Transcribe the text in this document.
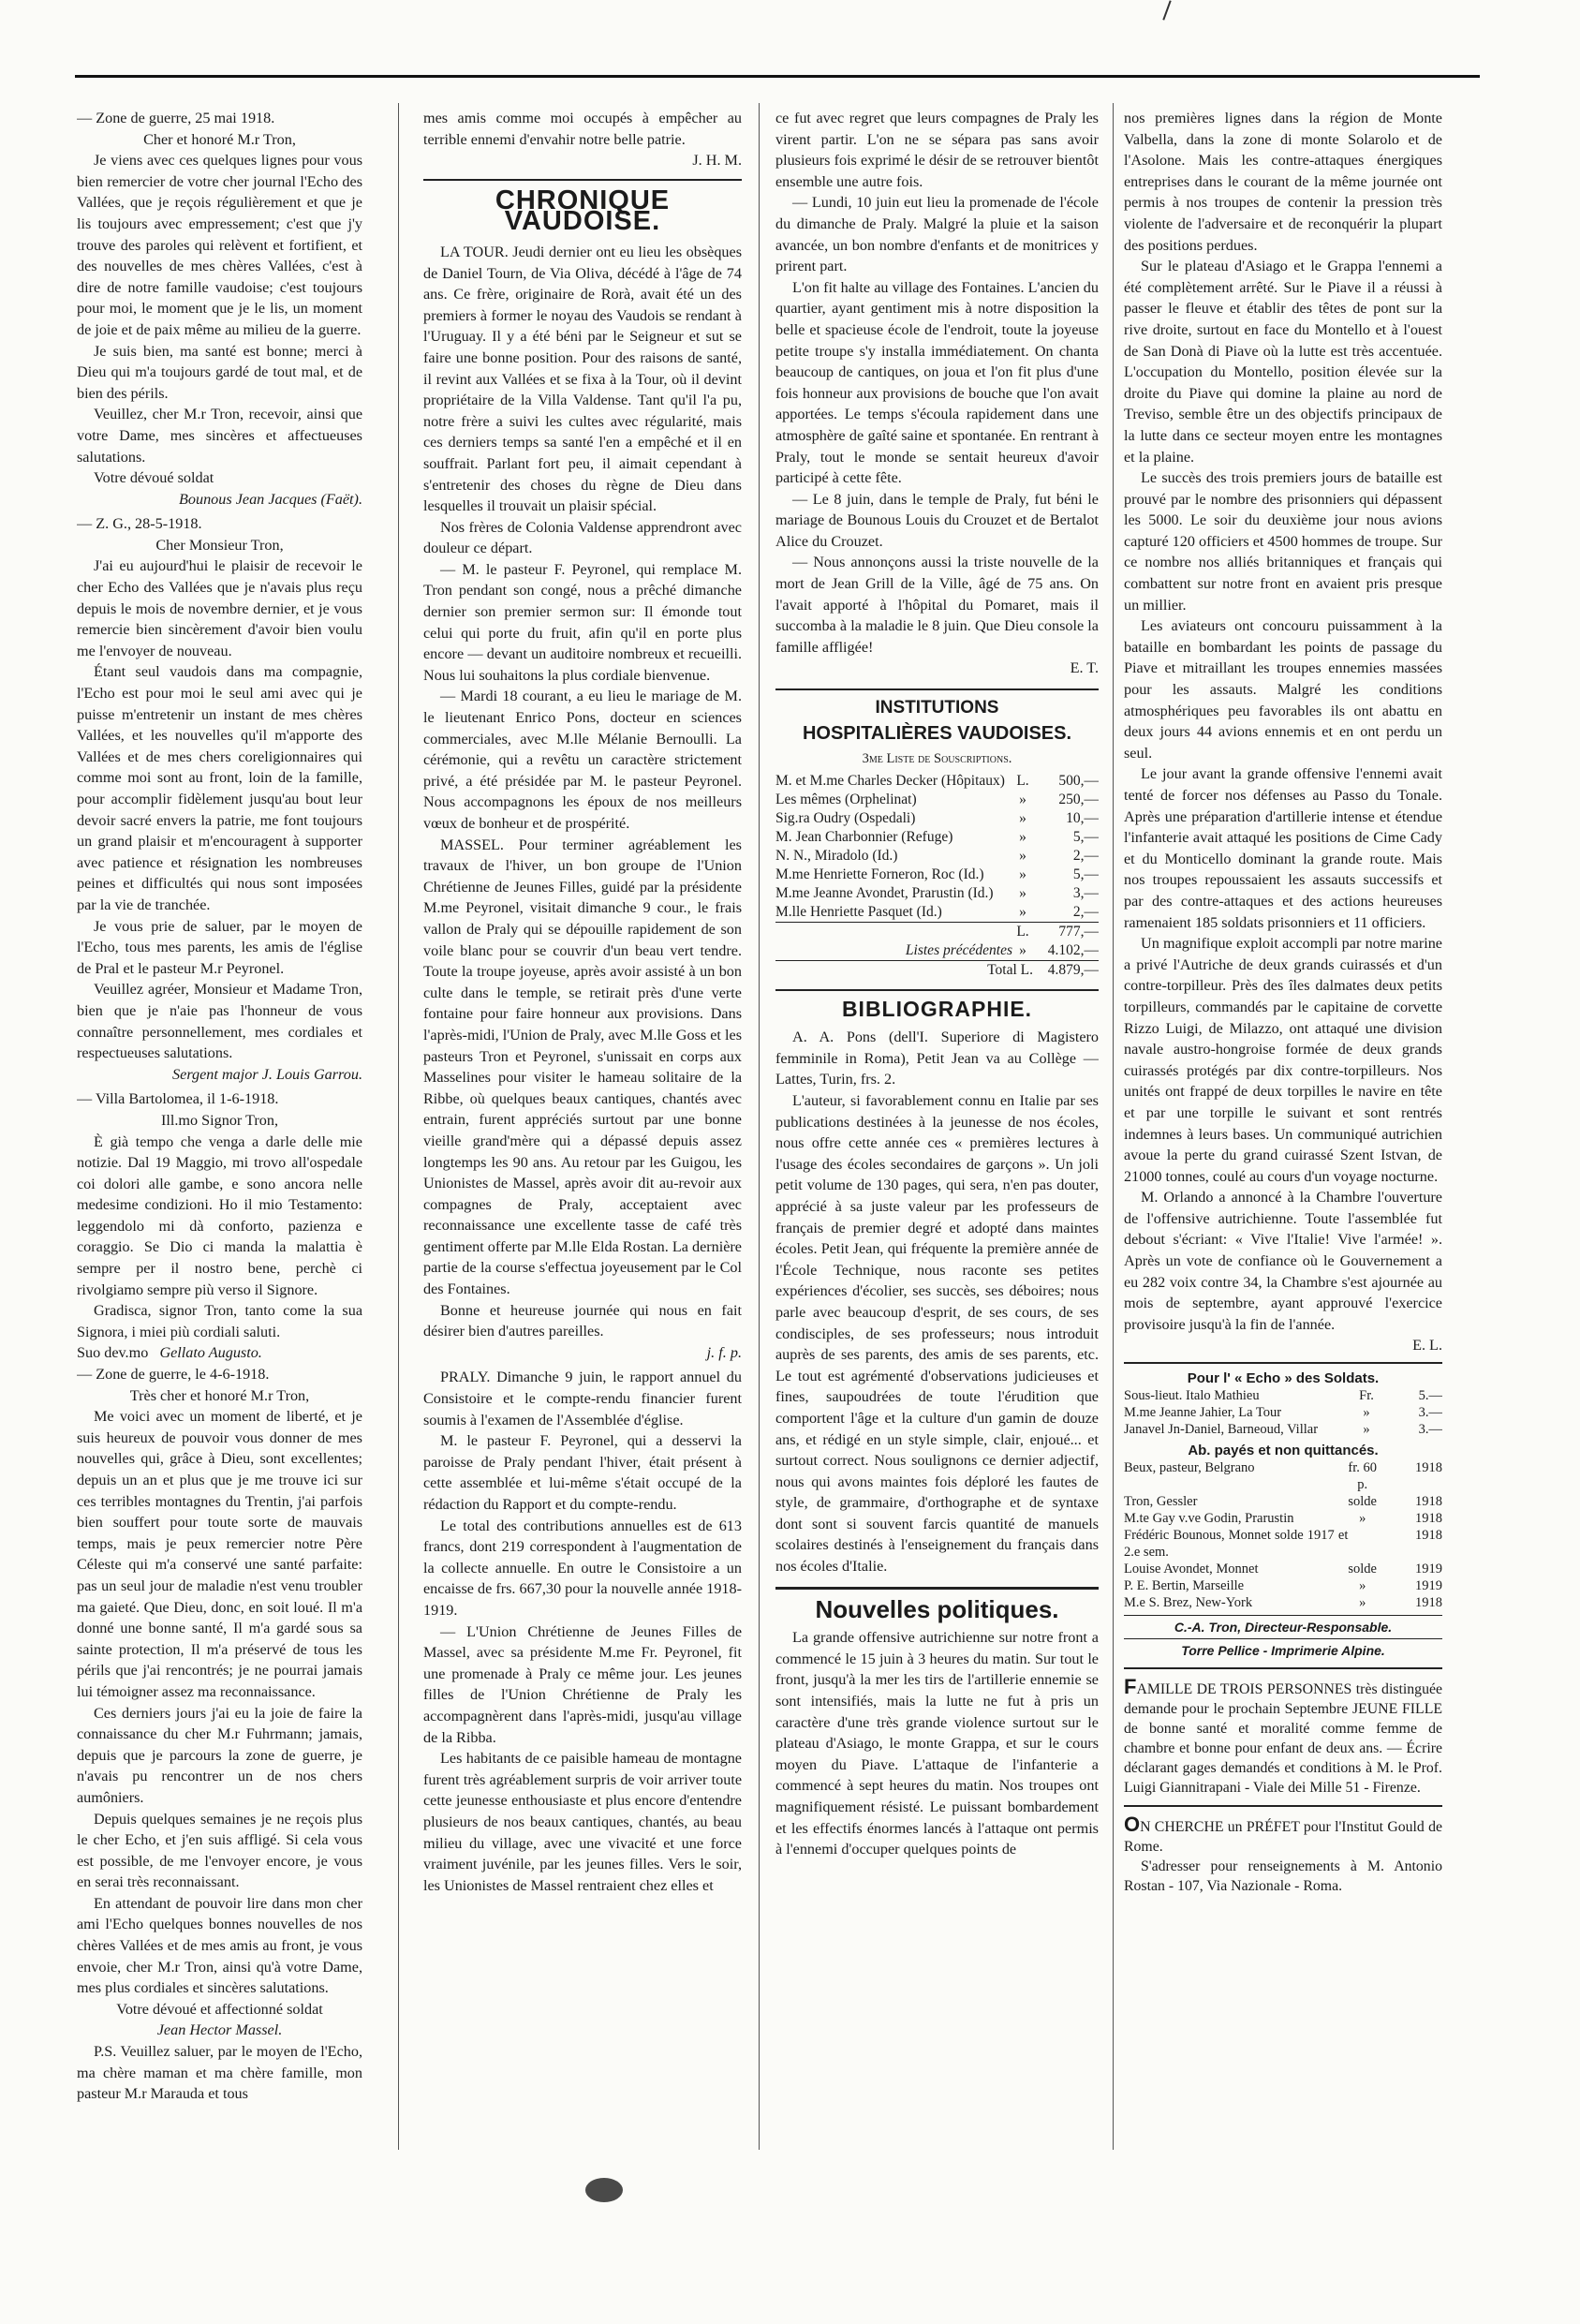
— Zone de guerre, 25 mai 1918.

Cher et honoré M.r Tron,

Je viens avec ces quelques lignes pour vous bien remercier de votre cher journal l'Echo des Vallées, que je reçois régulièrement et que je lis toujours avec empressement; c'est que j'y trouve des paroles qui relèvent et fortifient, et des nouvelles de mes chères Vallées, c'est à dire de notre famille vaudoise; c'est toujours pour moi, le moment que je le lis, un moment de joie et de paix même au milieu de la guerre.

Je suis bien, ma santé est bonne; merci à Dieu qui m'a toujours gardé de tout mal, et de bien des périls.

Veuillez, cher M.r Tron, recevoir, ainsi que votre Dame, mes sincères et affectueuses salutations.

Votre dévoué soldat

Bounous Jean Jacques (Faët).

— Z. G., 28-5-1918.

Cher Monsieur Tron,

J'ai eu aujourd'hui le plaisir de recevoir le cher Echo des Vallées que je n'avais plus reçu depuis le mois de novembre dernier, et je vous remercie bien sincèrement d'avoir bien voulu me l'envoyer de nouveau.

Étant seul vaudois dans ma compagnie, l'Echo est pour moi le seul ami avec qui je puisse m'entretenir un instant de mes chères Vallées, et les nouvelles qu'il m'apporte des Vallées et de mes chers coreligionnaires qui comme moi sont au front, loin de la famille, pour accomplir fidèlement jusqu'au bout leur devoir sacré envers la patrie, me font toujours un grand plaisir et m'encouragent à supporter avec patience et résignation les nombreuses peines et difficultés qui nous sont imposées par la vie de tranchée.

Je vous prie de saluer, par le moyen de l'Echo, tous mes parents, les amis de l'église de Pral et le pasteur M.r Peyronel.

Veuillez agréer, Monsieur et Madame Tron, bien que je n'aie pas l'honneur de vous connaître personnellement, mes cordiales et respectueuses salutations.

Sergent major J. Louis Garrou.

— Villa Bartolomea, il 1-6-1918.

Ill.mo Signor Tron,

È già tempo che venga a darle delle mie notizie. Dal 19 Maggio, mi trovo all'ospedale coi dolori alle gambe, e sono ancora nelle medesime condizioni. Ho il mio Testamento: leggendolo mi dà conforto, pazienza e coraggio. Se Dio ci manda la malattia è sempre per il nostro bene, perchè ci rivolgiamo sempre più verso il Signore.

Gradisca, signor Tron, tanto come la sua Signora, i miei più cordiali saluti.

Suo dev.mo Gellato Augusto.

— Zone de guerre, le 4-6-1918.

Très cher et honoré M.r Tron,

Me voici avec un moment de liberté, et je suis heureux de pouvoir vous donner de mes nouvelles qui, grâce à Dieu, sont excellentes; depuis un an et plus que je me trouve ici sur ces terribles montagnes du Trentin, j'ai parfois bien souffert pour toute sorte de mauvais temps, mais je peux remercier notre Père Céleste qui m'a conservé une santé parfaite: pas un seul jour de maladie n'est venu troubler ma gaieté. Que Dieu, donc, en soit loué. Il m'a donné une bonne santé, Il m'a gardé sous sa sainte protection, Il m'a préservé de tous les périls que j'ai rencontrés; je ne pourrai jamais lui témoigner assez ma reconnaissance.

Ces derniers jours j'ai eu la joie de faire la connaissance du cher M.r Fuhrmann; jamais, depuis que je parcours la zone de guerre, je n'avais pu rencontrer un de nos chers aumôniers.

Depuis quelques semaines je ne reçois plus le cher Echo, et j'en suis affligé. Si cela vous est possible, de me l'envoyer encore, je vous en serai très reconnaissant.

En attendant de pouvoir lire dans mon cher ami l'Echo quelques bonnes nouvelles de nos chères Vallées et de mes amis au front, je vous envoie, cher M.r Tron, ainsi qu'à votre Dame, mes plus cordiales et sincères salutations.

Votre dévoué et affectionné soldat

Jean Hector Massel.

P.S. Veuillez saluer, par le moyen de l'Echo, ma chère maman et ma chère famille, mon pasteur M.r Marauda et tous

mes amis comme moi occupés à empêcher au terrible ennemi d'envahir notre belle patrie.

J. H. M.

CHRONIQUE VAUDOISE.

LA TOUR. Jeudi dernier ont eu lieu les obsèques de Daniel Tourn, de Via Oliva, décédé à l'âge de 74 ans. Ce frère, originaire de Rorà, avait été un des premiers à former le noyau des Vaudois se rendant à l'Uruguay. Il y a été béni par le Seigneur et sut se faire une bonne position. Pour des raisons de santé, il revint aux Vallées et se fixa à la Tour, où il devint propriétaire de la Villa Valdense. Tant qu'il l'a pu, notre frère a suivi les cultes avec régularité, mais ces derniers temps sa santé l'en a empêché et il en souffrait. Parlant fort peu, il aimait cependant à s'entretenir des choses du règne de Dieu dans lesquelles il trouvait un plaisir spécial.

Nos frères de Colonia Valdense apprendront avec douleur ce départ.

— M. le pasteur F. Peyronel, qui remplace M. Tron pendant son congé, nous a prêché dimanche dernier son premier sermon sur: Il émonde tout celui qui porte du fruit, afin qu'il en porte plus encore — devant un auditoire nombreux et recueilli. Nous lui souhaitons la plus cordiale bienvenue.

— Mardi 18 courant, a eu lieu le mariage de M. le lieutenant Enrico Pons, docteur en sciences commerciales, avec M.lle Mélanie Bernoulli. La cérémonie, qui a revêtu un caractère strictement privé, a été présidée par M. le pasteur Peyronel. Nous accompagnons les époux de nos meilleurs vœux de bonheur et de prospérité.

MASSEL. Pour terminer agréablement les travaux de l'hiver, un bon groupe de l'Union Chrétienne de Jeunes Filles, guidé par la présidente M.me Peyronel, visitait dimanche 9 cour., le frais vallon de Praly qui se dépouille rapidement de son voile blanc pour se couvrir d'un beau vert tendre. Toute la troupe joyeuse, après avoir assisté à un bon culte dans le temple, se retirait près d'une verte fontaine pour faire honneur aux provisions. Dans l'après-midi, l'Union de Praly, avec M.lle Goss et les pasteurs Tron et Peyronel, s'unissait en corps aux Masselines pour visiter le hameau solitaire de la Ribbe, où quelques beaux cantiques, chantés avec entrain, furent appréciés surtout par une bonne vieille grand'mère qui a dépassé depuis assez longtemps les 90 ans. Au retour par les Guigou, les Unionistes de Massel, après avoir dit au-revoir aux compagnes de Praly, acceptaient avec reconnaissance une excellente tasse de café très gentiment offerte par M.lle Elda Rostan. La dernière partie de la course s'effectua joyeusement par le Col des Fontaines.

Bonne et heureuse journée qui nous en fait désirer bien d'autres pareilles.

j. f. p.

PRALY. Dimanche 9 juin, le rapport annuel du Consistoire et le compte-rendu financier furent soumis à l'examen de l'Assemblée d'église.

M. le pasteur F. Peyronel, qui a desservi la paroisse de Praly pendant l'hiver, était présent à cette assemblée et lui-même s'était occupé de la rédaction du Rapport et du compte-rendu.

Le total des contributions annuelles est de 613 francs, dont 219 correspondent à l'augmentation de la collecte annuelle. En outre le Consistoire a un encaisse de frs. 667,30 pour la nouvelle année 1918-1919.

— L'Union Chrétienne de Jeunes Filles de Massel, avec sa présidente M.me Fr. Peyronel, fit une promenade à Praly ce même jour. Les jeunes filles de l'Union Chrétienne de Praly les accompagnèrent dans l'après-midi, jusqu'au village de la Ribba.

Les habitants de ce paisible hameau de montagne furent très agréablement surpris de voir arriver toute cette jeunesse enthousiaste et plus encore d'entendre plusieurs de nos beaux cantiques, chantés, au beau milieu du village, avec une vivacité et une force vraiment juvénile, par les jeunes filles. Vers le soir, les Unionistes de Massel rentraient chez elles et

ce fut avec regret que leurs compagnes de Praly les virent partir. L'on ne se sépara pas sans avoir plusieurs fois exprimé le désir de se retrouver bientôt ensemble une autre fois.

— Lundi, 10 juin eut lieu la promenade de l'école du dimanche de Praly. Malgré la pluie et la saison avancée, un bon nombre d'enfants et de monitrices y prirent part.

L'on fit halte au village des Fontaines. L'ancien du quartier, ayant gentiment mis à notre disposition la belle et spacieuse école de l'endroit, toute la joyeuse petite troupe s'y installa immédiatement. On chanta beaucoup de cantiques, on joua et l'on fit plus d'une fois honneur aux provisions de bouche que l'on avait apportées. Le temps s'écoula rapidement dans une atmosphère de gaîté saine et spontanée. En rentrant à Praly, tout le monde se sentait heureux d'avoir participé à cette fête.

— Le 8 juin, dans le temple de Praly, fut béni le mariage de Bounous Louis du Crouzet et de Bertalot Alice du Crouzet.

— Nous annonçons aussi la triste nouvelle de la mort de Jean Grill de la Ville, âgé de 75 ans. On l'avait apporté à l'hôpital du Pomaret, mais il succomba à la maladie le 8 juin. Que Dieu console la famille affligée!

E. T.

INSTITUTIONS
HOSPITALIÈRES VAUDOISES.
3me Liste de Souscriptions.
M. et M.me Charles Decker (Hôpitaux)	L.	500,—
Les mêmes (Orphelinat)	»	250,—
Sig.ra Oudry (Ospedali)	»	10,—
M. Jean Charbonnier (Refuge)	»	5,—
N. N., Miradolo (Id.)	»	2,—
M.me Henriette Forneron, Roc (Id.)	»	5,—
M.me Jeanne Avondet, Prarustin (Id.)	»	3,—
M.lle Henriette Pasquet (Id.)	»	2,—
	L.	777,—
Listes précédentes	»	4.102,—
Total L.		4.879,—
BIBLIOGRAPHIE.

A. A. Pons (dell'I. Superiore di Magistero femminile in Roma), Petit Jean va au Collège — Lattes, Turin, frs. 2.

L'auteur, si favorablement connu en Italie par ses publications destinées à la jeunesse de nos écoles, nous offre cette année ces « premières lectures à l'usage des écoles secondaires de garçons ». Un joli petit volume de 130 pages, qui sera, n'en pas douter, apprécié à sa juste valeur par les professeurs de français de premier degré et adopté dans maintes écoles. Petit Jean, qui fréquente la première année de l'École Technique, nous raconte ses petites expériences d'écolier, ses succès, ses déboires; nous parle avec beaucoup d'esprit, de ses cours, de ses condisciples, de ses professeurs; nous introduit auprès de ses parents, des amis de ses parents, etc. Le tout est agrémenté d'observations judicieuses et fines, saupoudrées de toute l'érudition que comportent l'âge et la culture d'un gamin de douze ans, et rédigé en un style simple, clair, enjoué... et surtout correct. Nous soulignons ce dernier adjectif, nous qui avons maintes fois déploré les fautes de style, de grammaire, d'orthographe et de syntaxe dont sont si souvent farcis quantité de manuels scolaires destinés à l'enseignement du français dans nos écoles d'Italie.

Nouvelles politiques.

La grande offensive autrichienne sur notre front a commencé le 15 juin à 3 heures du matin. Sur tout le front, jusqu'à la mer les tirs de l'artillerie ennemie se sont intensifiés, mais la lutte ne fut à pris un caractère d'une très grande violence surtout sur le plateau d'Asiago, le monte Grappa, et sur le cours moyen du Piave. L'attaque de l'infanterie a commencé à sept heures du matin. Nos troupes ont magnifiquement résisté. Le puissant bombardement et les effectifs énormes lancés à l'attaque ont permis à l'ennemi d'occuper quelques points de

nos premières lignes dans la région de Monte Valbella, dans la zone di monte Solarolo et de l'Asolone. Mais les contre-attaques énergiques entreprises dans le courant de la même journée ont permis à nos troupes de contenir la pression très violente de l'adversaire et de reconquérir la plupart des positions perdues.

Sur le plateau d'Asiago et le Grappa l'ennemi a été complètement arrêté. Sur le Piave il a réussi à passer le fleuve et établir des têtes de pont sur la rive droite, surtout en face du Montello et à l'ouest de San Donà di Piave où la lutte est très accentuée. L'occupation du Montello, position élevée sur la droite du Piave qui domine la plaine au nord de Treviso, semble être un des objectifs principaux de la lutte dans ce secteur moyen entre les montagnes et la plaine.

Le succès des trois premiers jours de bataille est prouvé par le nombre des prisonniers qui dépassent les 5000. Le soir du deuxième jour nous avions capturé 120 officiers et 4500 hommes de troupe. Sur ce nombre nos alliés britanniques et français qui combattent sur notre front en avaient pris presque un millier.

Les aviateurs ont concouru puissamment à la bataille en bombardant les points de passage du Piave et mitraillant les troupes ennemies massées pour les assauts. Malgré les conditions atmosphériques peu favorables ils ont abattu en deux jours 44 avions ennemis et en ont perdu un seul.

Le jour avant la grande offensive l'ennemi avait tenté de forcer nos défenses au Passo du Tonale. Après une préparation d'artillerie intense et étendue l'infanterie avait attaqué les positions de Cime Cady et du Monticello dominant la grande route. Mais nos troupes repoussaient les assauts successifs et par des contre-attaques et des actions heureuses ramenaient 185 soldats prisonniers et 11 officiers.

Un magnifique exploit accompli par notre marine a privé l'Autriche de deux grands cuirassés et d'un contre-torpilleur. Près des îles dalmates deux petits torpilleurs, commandés par le capitaine de corvette Rizzo Luigi, de Milazzo, ont attaqué une division navale austro-hongroise formée de deux grands cuirassés protégés par dix contre-torpilleurs. Nos unités ont frappé de deux torpilles le navire en tête et par une torpille le suivant et sont rentrés indemnes à leurs bases. Un communiqué autrichien avoue la perte du grand cuirassé Szent Istvan, de 21000 tonnes, coulé au cours d'un voyage nocturne.

M. Orlando a annoncé à la Chambre l'ouverture de l'offensive autrichienne. Toute l'assemblée fut debout s'écriant: « Vive l'Italie! Vive l'armée! ». Après un vote de confiance où le Gouvernement a eu 282 voix contre 34, la Chambre s'est ajournée au mois de septembre, ayant approuvé l'exercice provisoire jusqu'à la fin de l'année.

E. L.

Pour l' « Echo » des Soldats.
Sous-lieut. Italo Mathieu	Fr.	5.—
M.me Jeanne Jahier, La Tour	»	3.—
Janavel Jn-Daniel, Barneoud, Villar	»	3.—
Ab. payés et non quittancés.
Beux, pasteur, Belgrano	fr. 60 p.	1918
Tron, Gessler	solde	1918
M.te Gay v.ve Godin, Prarustin	»	1918
Frédéric Bounous, Monnet solde 1917 et 2.e sem.		1918
Louise Avondet, Monnet	solde	1919
P. E. Bertin, Marseille	»	1919
M.e S. Brez, New-York	»	1918
C.-A. Tron, Directeur-Responsable.
Torre Pellice - Imprimerie Alpine.

FAMILLE DE TROIS PERSONNES très distinguée demande pour le prochain Septembre JEUNE FILLE de bonne santé et moralité comme femme de chambre et bonne pour enfant de deux ans. — Écrire déclarant gages demandés et conditions à M. le Prof. Luigi Giannitrapani - Viale dei Mille 51 - Firenze.

ON CHERCHE un PRÉFET pour l'Institut Gould de Rome.

S'adresser pour renseignements à M. Antonio Rostan - 107, Via Nazionale - Roma.
